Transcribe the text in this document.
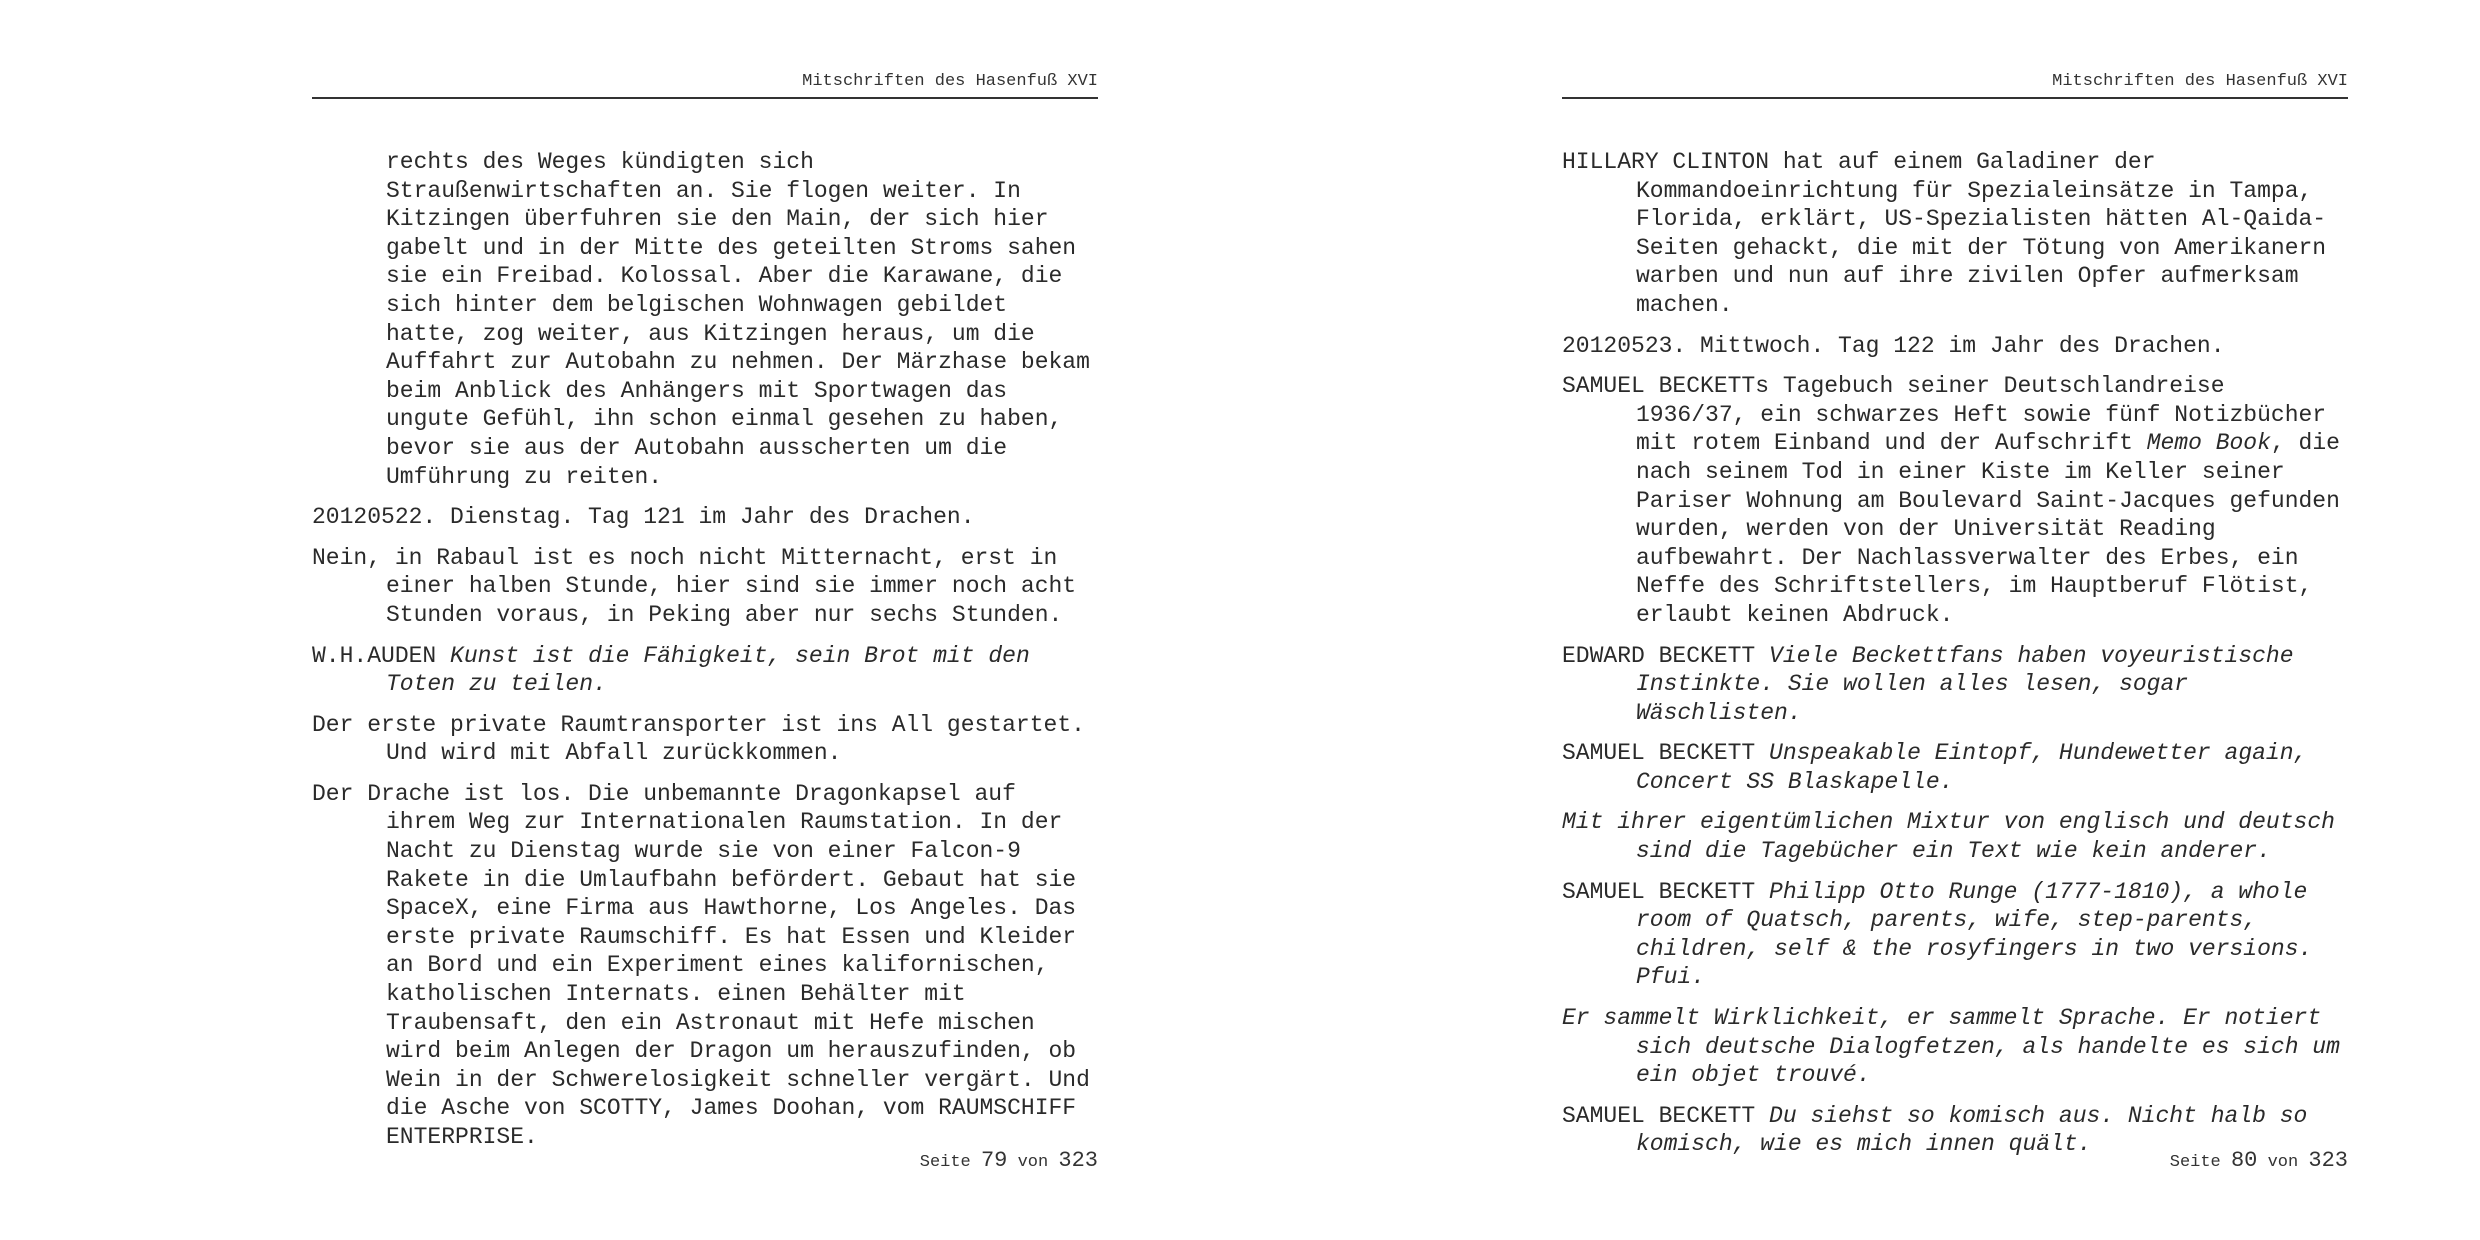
Mitschriften des Hasenfuß XVI

rechts des Weges kündigten sich Straußenwirtschaften an. Sie flogen weiter. In Kitzingen überfuhren sie den Main, der sich hier gabelt und in der Mitte des geteilten Stroms sahen sie ein Freibad. Kolossal. Aber die Karawane, die sich hinter dem belgischen Wohnwagen gebildet hatte, zog weiter, aus Kitzingen heraus, um die Auffahrt zur Autobahn zu nehmen. Der Märzhase bekam beim Anblick des Anhängers mit Sportwagen das ungute Gefühl, ihn schon einmal gesehen zu haben, bevor sie aus der Autobahn ausscherten um die Umführung zu reiten.

20120522. Dienstag. Tag 121 im Jahr des Drachen.

Nein, in Rabaul ist es noch nicht Mitternacht, erst in einer halben Stunde, hier sind sie immer noch acht Stunden voraus, in Peking aber nur sechs Stunden.

W.H.AUDEN Kunst ist die Fähigkeit, sein Brot mit den Toten zu teilen.

Der erste private Raumtransporter ist ins All gestartet. Und wird mit Abfall zurückkommen.

Der Drache ist los. Die unbemannte Dragonkapsel auf ihrem Weg zur Internationalen Raumstation. In der Nacht zu Dienstag wurde sie von einer Falcon-9 Rakete in die Umlaufbahn befördert. Gebaut hat sie SpaceX, eine Firma aus Hawthorne, Los Angeles. Das erste private Raumschiff. Es hat Essen und Kleider an Bord und ein Experiment eines kalifornischen, katholischen Internats. einen Behälter mit Traubensaft, den ein Astronaut mit Hefe mischen wird beim Anlegen der Dragon um herauszufinden, ob Wein in der Schwerelosigkeit schneller vergärt. Und die Asche von SCOTTY, James Doohan, vom RAUMSCHIFF ENTERPRISE.

Seite 79 von 323
Mitschriften des Hasenfuß XVI

HILLARY CLINTON hat auf einem Galadiner der Kommandoeinrichtung für Spezialeinsätze in Tampa, Florida, erklärt, US-Spezialisten hätten Al-Qaida-Seiten gehackt, die mit der Tötung von Amerikanern warben und nun auf ihre zivilen Opfer aufmerksam machen.

20120523. Mittwoch. Tag 122 im Jahr des Drachen.

SAMUEL BECKETTs Tagebuch seiner Deutschlandreise 1936/37, ein schwarzes Heft sowie fünf Notizbücher mit rotem Einband und der Aufschrift Memo Book, die nach seinem Tod in einer Kiste im Keller seiner Pariser Wohnung am Boulevard Saint-Jacques gefunden wurden, werden von der Universität Reading aufbewahrt. Der Nachlassverwalter des Erbes, ein Neffe des Schriftstellers, im Hauptberuf Flötist, erlaubt keinen Abdruck.

EDWARD BECKETT Viele Beckettfans haben voyeuristische Instinkte. Sie wollen alles lesen, sogar Wäschlisten.

SAMUEL BECKETT Unspeakable Eintopf, Hundewetter again, Concert SS Blaskapelle.

Mit ihrer eigentümlichen Mixtur von englisch und deutsch sind die Tagebücher ein Text wie kein anderer.

SAMUEL BECKETT Philipp Otto Runge (1777-1810), a whole room of Quatsch, parents, wife, step-parents, children, self & the rosyfingers in two versions. Pfui.

Er sammelt Wirklichkeit, er sammelt Sprache. Er notiert sich deutsche Dialogfetzen, als handelte es sich um ein objet trouvé.

SAMUEL BECKETT Du siehst so komisch aus. Nicht halb so komisch, wie es mich innen quält.

Seite 80 von 323
